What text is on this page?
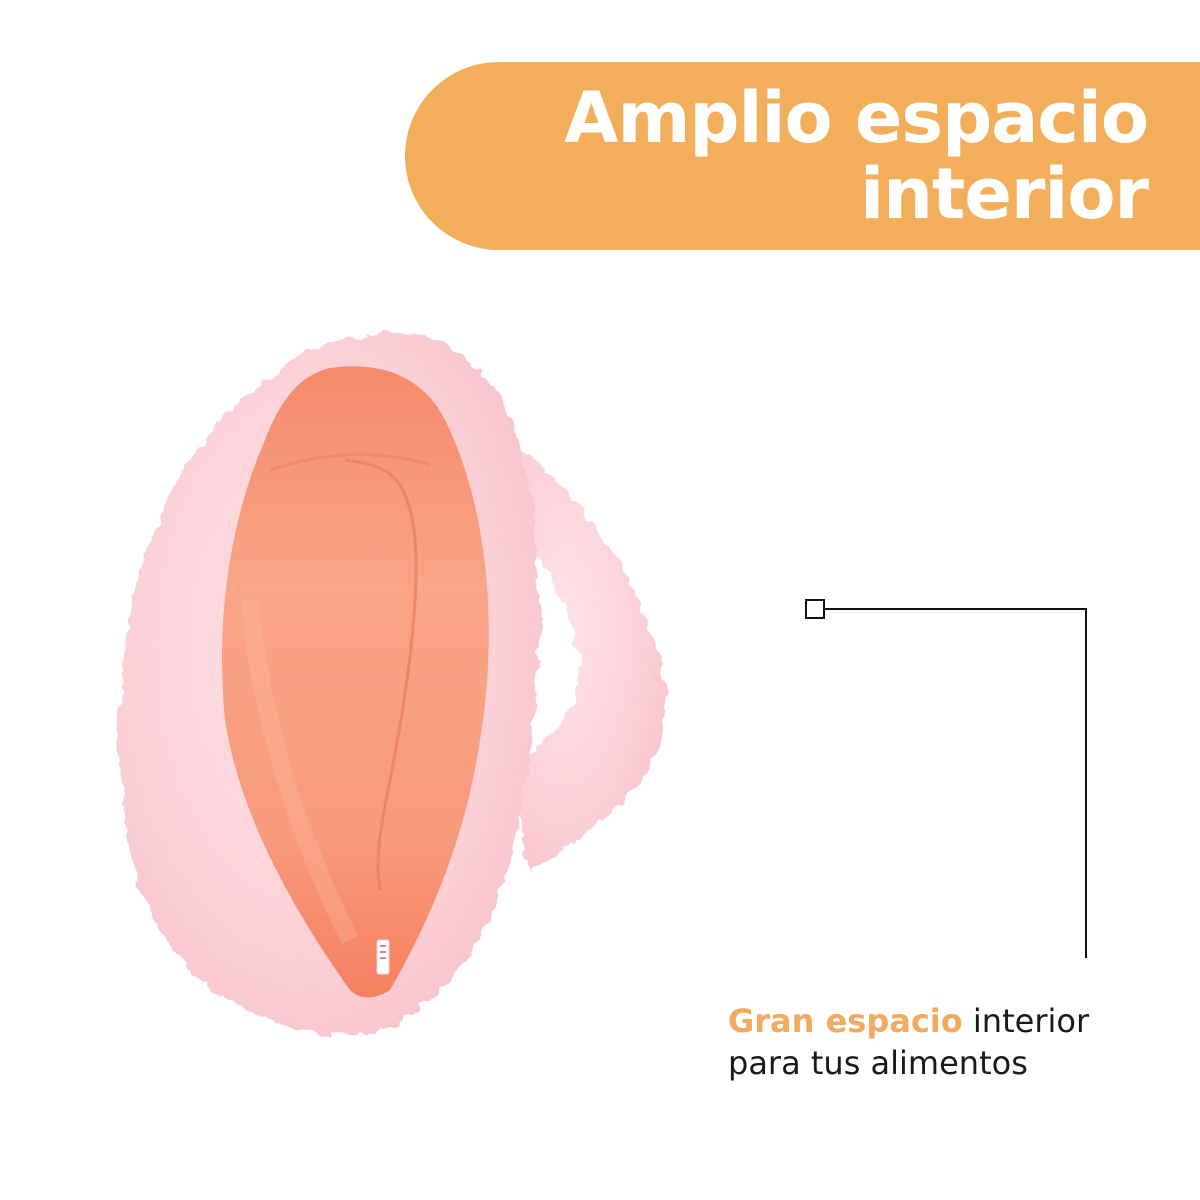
Amplio espacio
interior
Gran espacio interior
para tus alimentos
